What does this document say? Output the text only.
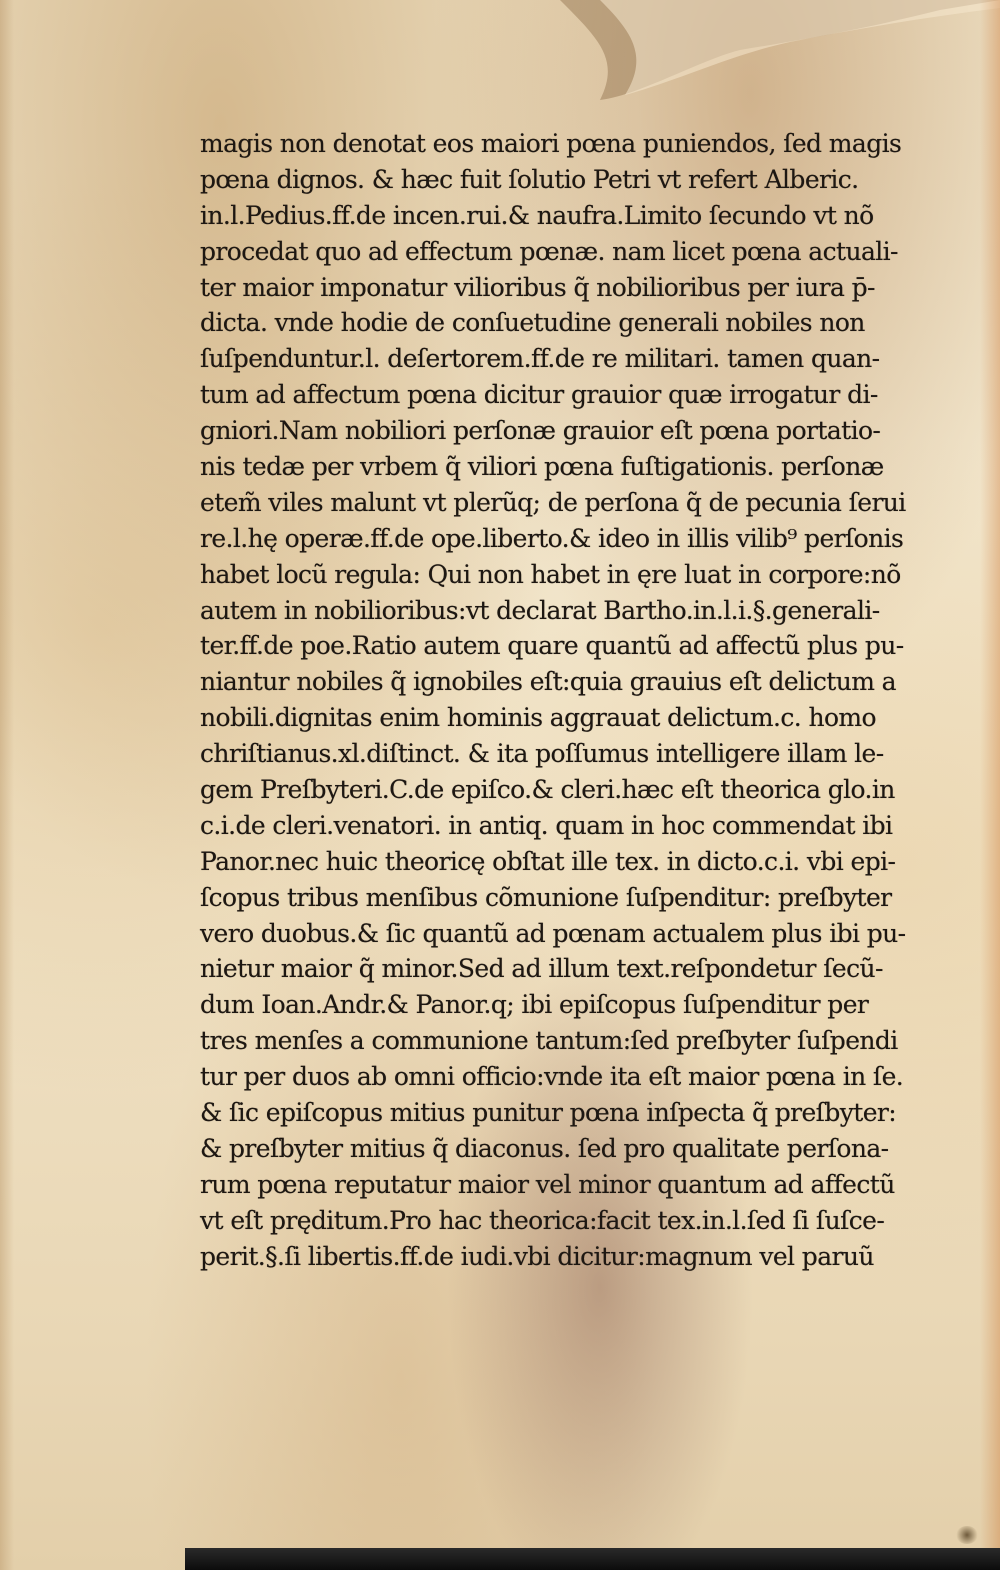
magis non denotat eos maiori pœna puniendos, ſed magis
pœna dignos. & hæc fuit ſolutio Petri vt refert Alberic.
in.l.Pedius.ff.de incen.rui.& naufra.Limito ſecundo vt nõ
procedat quo ad effectum pœnæ. nam licet pœna actuali-
ter maior imponatur vilioribus q̃ nobilioribus per iura p̄-
dicta. vnde hodie de conſuetudine generali nobiles non
ſuſpenduntur.l. deſertorem.ff.de re militari. tamen quan-
tum ad affectum pœna dicitur grauior quæ irrogatur di-
gniori.Nam nobiliori perſonæ grauior eſt pœna portatio-
nis tedæ per vrbem q̃ viliori pœna fuſtigationis. perſonæ
etem̃ viles malunt vt plerũq; de perſona q̃ de pecunia ſerui
re.l.hę operæ.ff.de ope.liberto.& ideo in illis vilib⁹ perſonis
habet locũ regula: Qui non habet in ęre luat in corpore:nõ
autem in nobilioribus:vt declarat Bartho.in.l.i.§.generali-
ter.ff.de poe.Ratio autem quare quantũ ad affectũ plus pu-
niantur nobiles q̃ ignobiles eſt:quia grauius eſt delictum a
nobili.dignitas enim hominis aggrauat delictum.c. homo
chriſtianus.xl.diſtinct. & ita poſſumus intelligere illam le-
gem Preſbyteri.C.de epiſco.& cleri.hæc eſt theorica glo.in
c.i.de cleri.venatori. in antiq. quam in hoc commendat ibi
Panor.nec huic theoricę obſtat ille tex. in dicto.c.i. vbi epi-
ſcopus tribus menſibus cõmunione ſuſpenditur: preſbyter
vero duobus.& ſic quantũ ad pœnam actualem plus ibi pu-
nietur maior q̃ minor.Sed ad illum text.reſpondetur ſecũ-
dum Ioan.Andr.& Panor.q; ibi epiſcopus ſuſpenditur per
tres menſes a communione tantum:ſed preſbyter ſuſpendi
tur per duos ab omni officio:vnde ita eſt maior pœna in ſe.
& ſic epiſcopus mitius punitur pœna inſpecta q̃ preſbyter:
& preſbyter mitius q̃ diaconus. ſed pro qualitate perſona-
rum pœna reputatur maior vel minor quantum ad affectũ
vt eſt pręditum.Pro hac theorica:facit tex.in.l.ſed ſi ſuſce-
perit.§.ſi libertis.ff.de iudi.vbi dicitur:magnum vel paruũ
